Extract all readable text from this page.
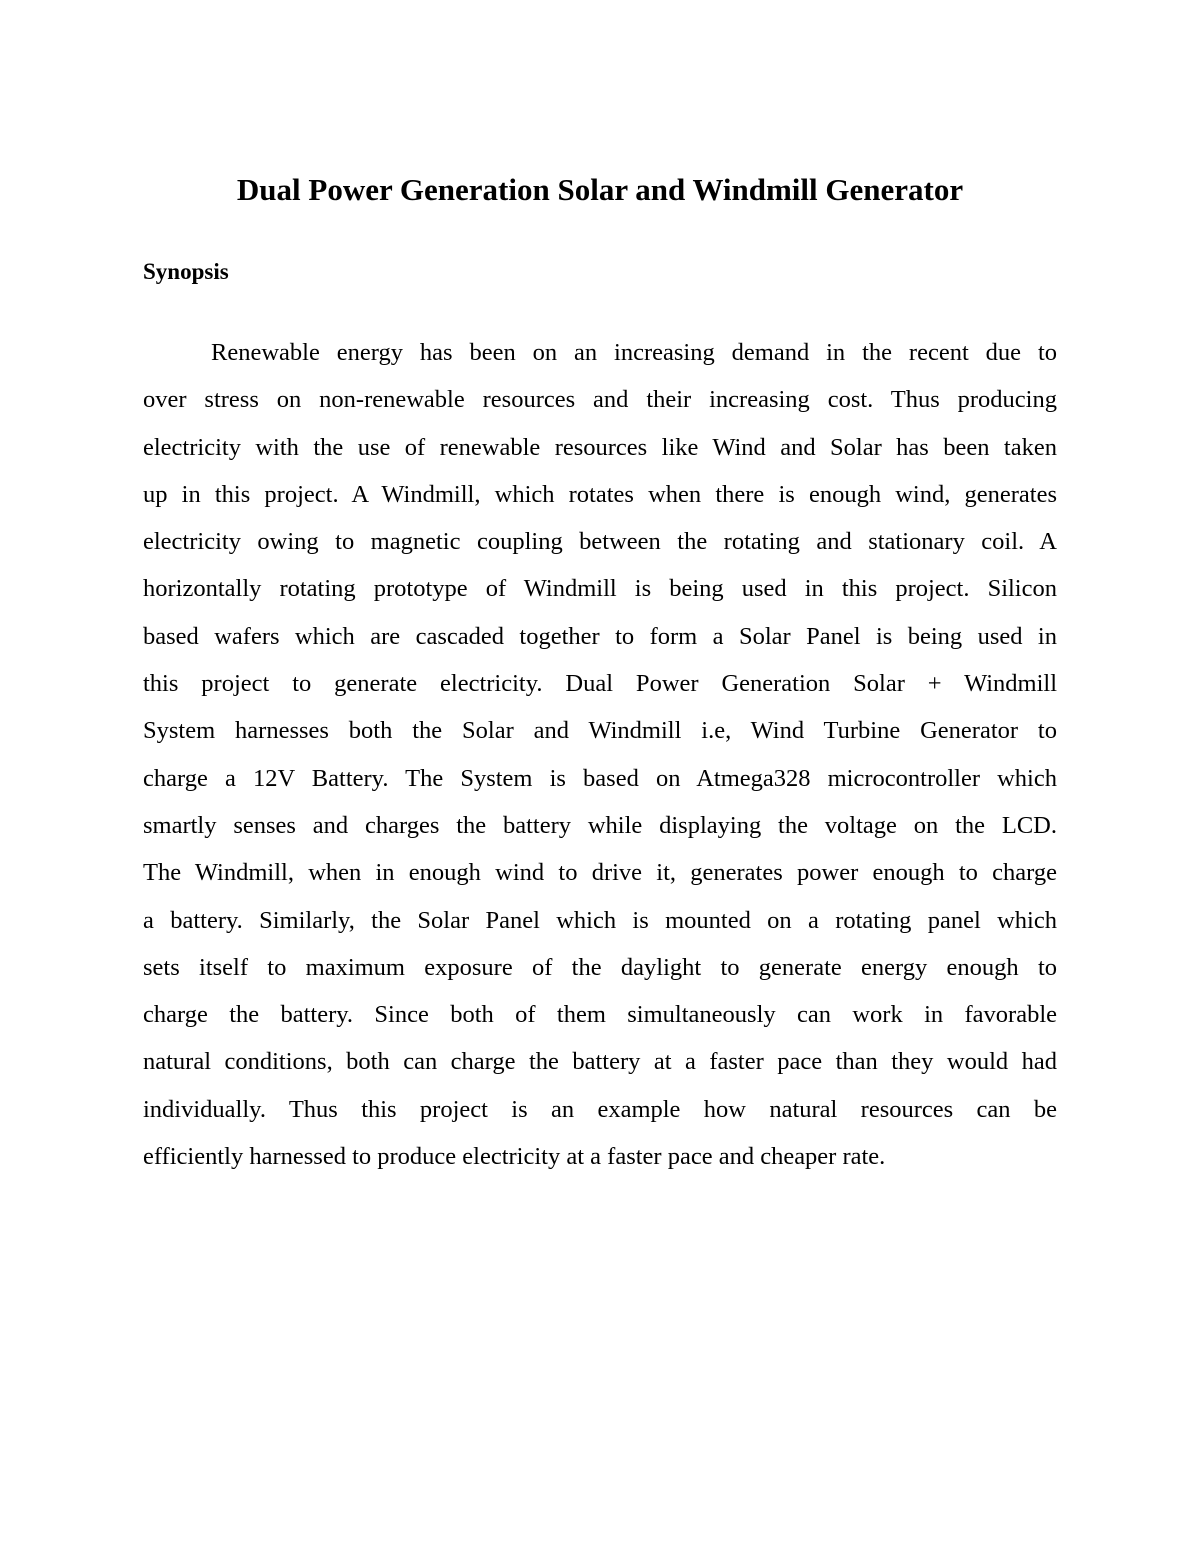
Dual Power Generation Solar and Windmill Generator
Synopsis
Renewable energy has been on an increasing demand in the recent due to
over stress on non-renewable resources and their increasing cost. Thus producing
electricity with the use of renewable resources like Wind and Solar has been taken
up in this project. A Windmill, which rotates when there is enough wind, generates
electricity owing to magnetic coupling between the rotating and stationary coil. A
horizontally rotating prototype of Windmill is being used in this project. Silicon
based wafers which are cascaded together to form a Solar Panel is being used in
this project to generate electricity. Dual Power Generation Solar + Windmill
System harnesses both the Solar and Windmill i.e, Wind Turbine Generator to
charge a 12V Battery. The System is based on Atmega328 microcontroller which
smartly senses and charges the battery while displaying the voltage on the LCD.
The Windmill, when in enough wind to drive it, generates power enough to charge
a battery. Similarly, the Solar Panel which is mounted on a rotating panel which
sets itself to maximum exposure of the daylight to generate energy enough to
charge the battery. Since both of them simultaneously can work in favorable
natural conditions, both can charge the battery at a faster pace than they would had
individually. Thus this project is an example how natural resources can be
efficiently harnessed to produce electricity at a faster pace and cheaper rate.
